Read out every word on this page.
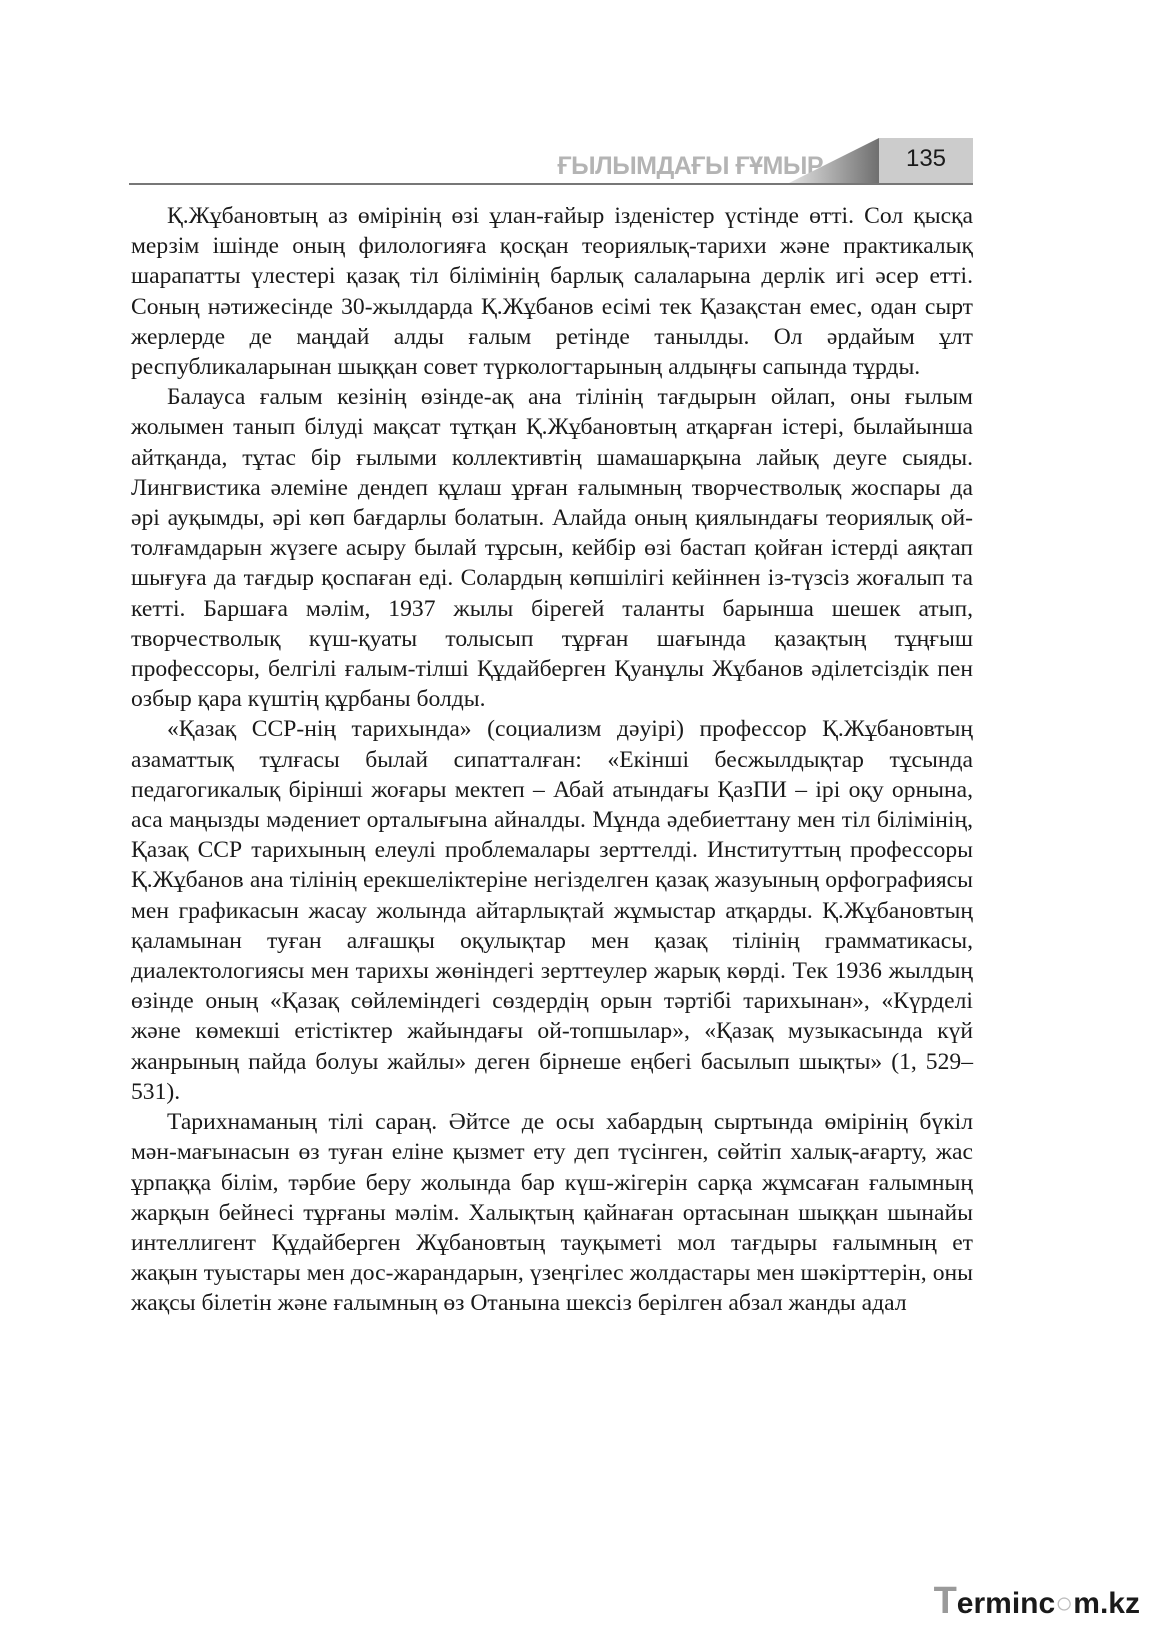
ҒЫЛЫМДАҒЫ ҒҰМЫР	135

Қ.Жұбановтың аз өмірінің өзі ұлан-ғайыр ізденістер үстінде өтті. Сол қысқа мерзім ішінде оның филологияға қосқан теориялық-тарихи және практикалық шарапатты үлестері қазақ тіл білімінің барлық салаларына дерлік игі әсер етті. Соның нәтижесінде 30-жылдарда Қ.Жұбанов есімі тек Қазақстан емес, одан сырт жерлерде де маңдай алды ғалым ретінде танылды. Ол әрдайым ұлт республикаларынан шыққан совет түркологтарының алдыңғы сапында тұрды.

Балауса ғалым кезінің өзінде-ақ ана тілінің тағдырын ойлап, оны ғылым жолымен танып білуді мақсат тұтқан Қ.Жұбановтың атқарған істері, былайынша айтқанда, тұтас бір ғылыми коллективтің шамашарқына лайық деуге сыяды. Лингвистика әлеміне дендеп құлаш ұрған ғалымның творчестволық жоспары да әрі ауқымды, әрі көп бағдарлы болатын. Алайда оның қиялындағы теориялық ой-толғамдарын жүзеге асыру былай тұрсын, кейбір өзі бастап қойған істерді аяқтап шығуға да тағдыр қоспаған еді. Солардың көпшілігі кейіннен із-түзсіз жоғалып та кетті. Баршаға мәлім, 1937 жылы бірегей таланты барынша шешек атып, творчестволық күш-қуаты толысып тұрған шағында қазақтың тұңғыш профессоры, белгілі ғалым-тілші Құдайберген Қуанұлы Жұбанов әділетсіздік пен озбыр қара күштің құрбаны болды.

«Қазақ ССР-нің тарихында» (социализм дәуірі) профессор Қ.Жұбановтың азаматтық тұлғасы былай сипатталған: «Екінші бесжылдықтар тұсында педагогикалық бірінші жоғары мектеп – Абай атындағы ҚазПИ – ірі оқу орнына, аса маңызды мәдениет орталығына айналды. Мұнда әдебиеттану мен тіл білімінің, Қазақ ССР тарихының елеулі проблемалары зерттелді. Институттың профессоры Қ.Жұбанов ана тілінің ерекшеліктеріне негізделген қазақ жазуының орфографиясы мен графикасын жасау жолында айтарлықтай жұмыстар атқарды. Қ.Жұбановтың қаламынан туған алғашқы оқулықтар мен қазақ тілінің грамматикасы, диалектологиясы мен тарихы жөніндегі зерттеулер жарық көрді. Тек 1936 жылдың өзінде оның «Қазақ сөйлеміндегі сөздердің орын тәртібі тарихынан», «Күрделі және көмекші етістіктер жайындағы ой-топшылар», «Қазақ музыкасында күй жанрының пайда болуы жайлы» деген бірнеше еңбегі басылып шықты» (1, 529–531).

Тарихнаманың тілі сараң. Әйтсе де осы хабардың сыртында өмірінің бүкіл мән-мағынасын өз туған еліне қызмет ету деп түсінген, сөйтіп халық-ағарту, жас ұрпаққа білім, тәрбие беру жолында бар күш-жігерін сарқа жұмсаған ғалымның жарқын бейнесі тұрғаны мәлім. Халықтың қайнаған ортасынан шыққан шынайы интеллигент Құдайберген Жұбановтың тауқыметі мол тағдыры ғалымның ет жақын туыстары мен дос-жарандарын, үзеңгілес жолдастары мен шәкірттерін, оны жақсы білетін және ғалымның өз Отанына шексіз берілген абзал жанды адал

Terminc○m.kz
